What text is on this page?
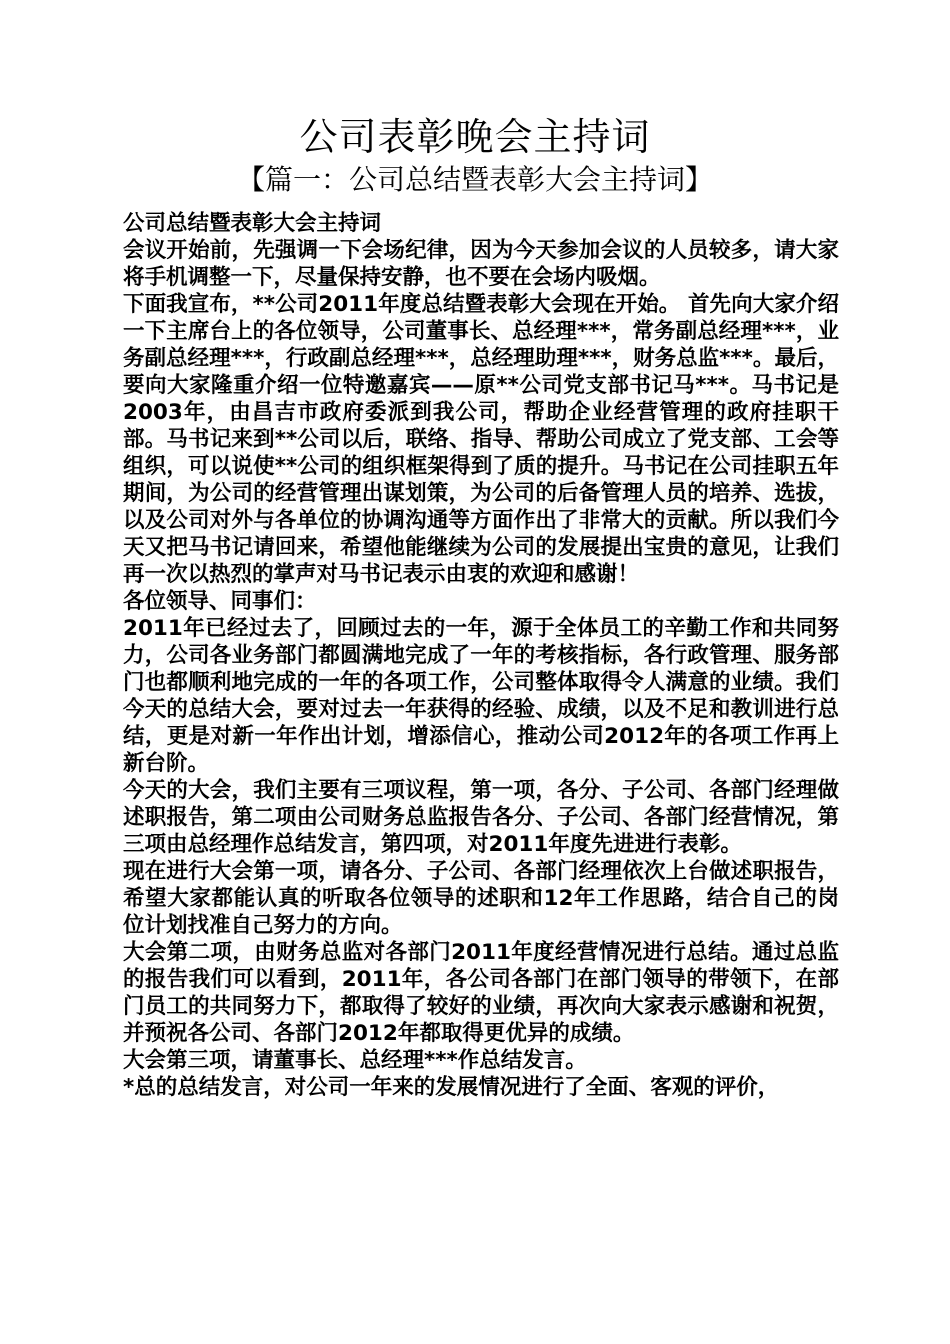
公司表彰晚会主持词
【篇一：公司总结暨表彰大会主持词】

公司总结暨表彰大会主持词

会议开始前，先强调一下会场纪律，因为今天参加会议的人员较多，请大家将手机调整一下，尽量保持安静，也不要在会场内吸烟。

下面我宣布，**公司2011年度总结暨表彰大会现在开始。 首先向大家介绍一下主席台上的各位领导，公司董事长、总经理***，常务副总经理***，业务副总经理***，行政副总经理***，总经理助理***，财务总监***。最后，要向大家隆重介绍一位特邀嘉宾——原**公司党支部书记马***。马书记是2003年，由昌吉市政府委派到我公司，帮助企业经营管理的政府挂职干部。马书记来到**公司以后，联络、指导、帮助公司成立了党支部、工会等组织，可以说使**公司的组织框架得到了质的提升。马书记在公司挂职五年期间，为公司的经营管理出谋划策，为公司的后备管理人员的培养、选拔，以及公司对外与各单位的协调沟通等方面作出了非常大的贡献。所以我们今天又把马书记请回来，希望他能继续为公司的发展提出宝贵的意见，让我们再一次以热烈的掌声对马书记表示由衷的欢迎和感谢！

各位领导、同事们：

2011年已经过去了，回顾过去的一年，源于全体员工的辛勤工作和共同努力，公司各业务部门都圆满地完成了一年的考核指标，各行政管理、服务部门也都顺利地完成的一年的各项工作，公司整体取得令人满意的业绩。我们今天的总结大会，要对过去一年获得的经验、成绩，以及不足和教训进行总结，更是对新一年作出计划，增添信心，推动公司2012年的各项工作再上新台阶。

今天的大会，我们主要有三项议程，第一项，各分、子公司、各部门经理做述职报告，第二项由公司财务总监报告各分、子公司、各部门经营情况，第三项由总经理作总结发言，第四项，对2011年度先进进行表彰。

现在进行大会第一项，请各分、子公司、各部门经理依次上台做述职报告，希望大家都能认真的听取各位领导的述职和12年工作思路，结合自己的岗位计划找准自己努力的方向。

大会第二项，由财务总监对各部门2011年度经营情况进行总结。通过总监的报告我们可以看到，2011年，各公司各部门在部门领导的带领下，在部门员工的共同努力下，都取得了较好的业绩，再次向大家表示感谢和祝贺，并预祝各公司、各部门2012年都取得更优异的成绩。

大会第三项，请董事长、总经理***作总结发言。

*总的总结发言，对公司一年来的发展情况进行了全面、客观的评价，
